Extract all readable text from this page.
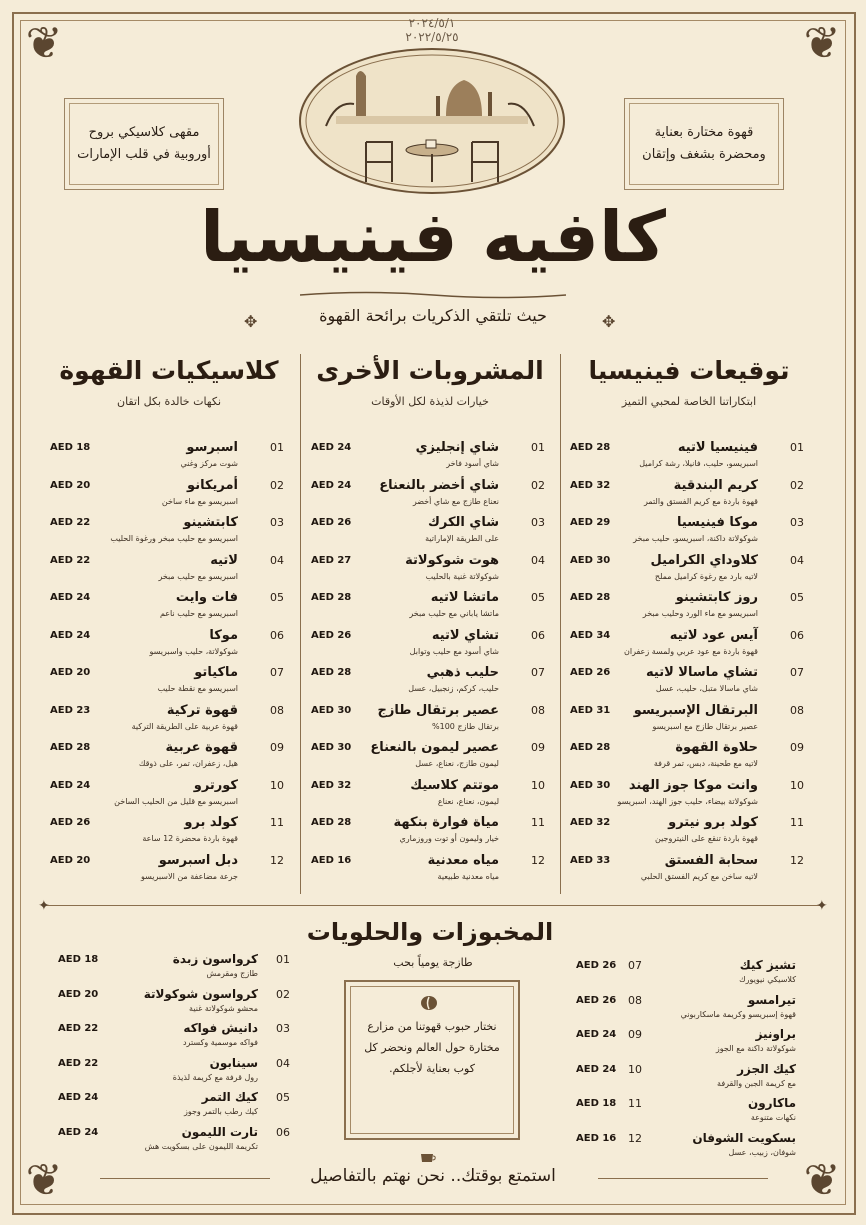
❦	❦
❦	❦
٢٠٢٤/٥/١
٢٠٢٢/٥/٢٥
مقهى كلاسيكي بروح أوروبية في قلب الإمارات
قهوة مختارة بعناية ومحضرة بشغف وإتقان
كافيه فينيسيا
✥	حيث تلتقي الذكريات برائحة القهوة	✥
توقيعات فينيسيا
ابتكاراتنا الخاصة لمحبي التميز
المشروبات الأخرى
خيارات لذيذة لكل الأوقات
كلاسيكيات القهوة
نكهات خالدة بكل اتقان
01
فينيسيا لاتيه
اسبريسو، حليب، فانيلا، رشة كراميل
AED 28
02
كريم البندقية
قهوة باردة مع كريم الفستق والتمر
AED 32
03
موكا فينيسيا
شوكولاتة داكنة، اسبريسو، حليب مبخر
AED 29
04
كلاوداي الكراميل
لاتيه بارد مع رغوة كراميل مملح
AED 30
05
روز كابتشينو
اسبريسو مع ماء الورد وحليب مبخر
AED 28
06
آيس عود لاتيه
قهوة باردة مع عود عربي ولمسة زعفران
AED 34
07
تشاي ماسالا لاتيه
شاي ماسالا متبل، حليب، عسل
AED 26
08
البرتقال الإسبريسو
عصير برتقال طازج مع اسبريسو
AED 31
09
حلاوة القهوة
لاتيه مع طحينة، دبس، تمر قرفة
AED 28
10
وانت موكا جوز الهند
شوكولاتة بيضاء، حليب جوز الهند، اسبريسو
AED 30
11
كولد برو نيترو
قهوة باردة تنقع على النيتروجين
AED 32
12
سحابة الفستق
لاتيه ساخن مع كريم الفستق الحلبي
AED 33
01
شاي إنجليزي
شاي أسود فاخر
AED 24
02
شاي أخضر بالنعناع
نعناع طازج مع شاي أخضر
AED 24
03
شاي الكرك
على الطريقة الإماراتية
AED 26
04
هوت شوكولاتة
شوكولاتة غنية بالحليب
AED 27
05
ماتشا لاتيه
ماتشا ياباني مع حليب مبخر
AED 28
06
تشاي لاتيه
شاي أسود مع حليب وتوابل
AED 26
07
حليب ذهبي
حليب، كركم، زنجبيل، عسل
AED 28
08
عصير برتقال طازج
برتقال طازج 100%
AED 30
09
عصير ليمون بالنعناع
ليمون طازج، نعناع، عسل
AED 30
10
موتتم كلاسيك
ليمون، نعناع، نعناع
AED 32
11
مياة فوارة بنكهة
خيار وليمون أو توت وروزماري
AED 28
12
مياه معدنية
مياه معدنية طبيعية
AED 16
01
اسبرسو
شوت مركز وغني
AED 18
02
أمريكانو
اسبريسو مع ماء ساخن
AED 20
03
كابتشينو
اسبريسو مع حليب مبخر ورغوة الحليب
AED 22
04
لاتيه
اسبريسو مع حليب مبخر
AED 22
05
فات وايت
اسبريسو مع حليب ناعم
AED 24
06
موكا
شوكولاتة، حليب واسبريسو
AED 24
07
ماكياتو
اسبريسو مع نقطة حليب
AED 20
08
قهوة تركية
قهوة عربية على الطريقة التركية
AED 23
09
قهوة عربية
هيل، زعفران، تمر، على ذوقك
AED 28
10
كورترو
اسبريسو مع قليل من الحليب الساخن
AED 24
11
كولد برو
قهوة باردة محضرة 12 ساعة
AED 26
12
دبل اسبرسو
جرعة مضاعفة من الاسبريسو
AED 20
✦	✦
المخبوزات والحلويات
طازجة يومياً بحب
01
كرواسون زبدة
طازج ومقرمش
AED 18
02
كرواسون شوكولاتة
محشو شوكولاتة غنية
AED 20
03
دانيش فواكه
فواكه موسمية وكسترد
AED 22
04
سينابون
رول قرفة مع كريمة لذيذة
AED 22
05
كيك التمر
كيك رطب بالتمر وجوز
AED 24
06
تارت الليمون
تكريمة الليمون على بسكويت هش
AED 24
07	تشيز كيك
كلاسيكي نيويورك
AED 26
08	تيرامسو
قهوة إسبريسو وكريمة ماسكاربوني
AED 26
09	براونيز
شوكولاتة داكنة مع الجوز
AED 24
10	كيك الجزر
مع كريمة الجبن والقرفة
AED 24
11	ماكارون
نكهات متنوعة
AED 18
12	بسكويت الشوفان
شوفان، زبيب، عسل
AED 16
نختار حبوب قهوتنا من مزارع مختارة حول العالم ونحضر كل كوب بعناية لأجلكم.
استمتع بوقتك.. نحن نهتم بالتفاصيل
